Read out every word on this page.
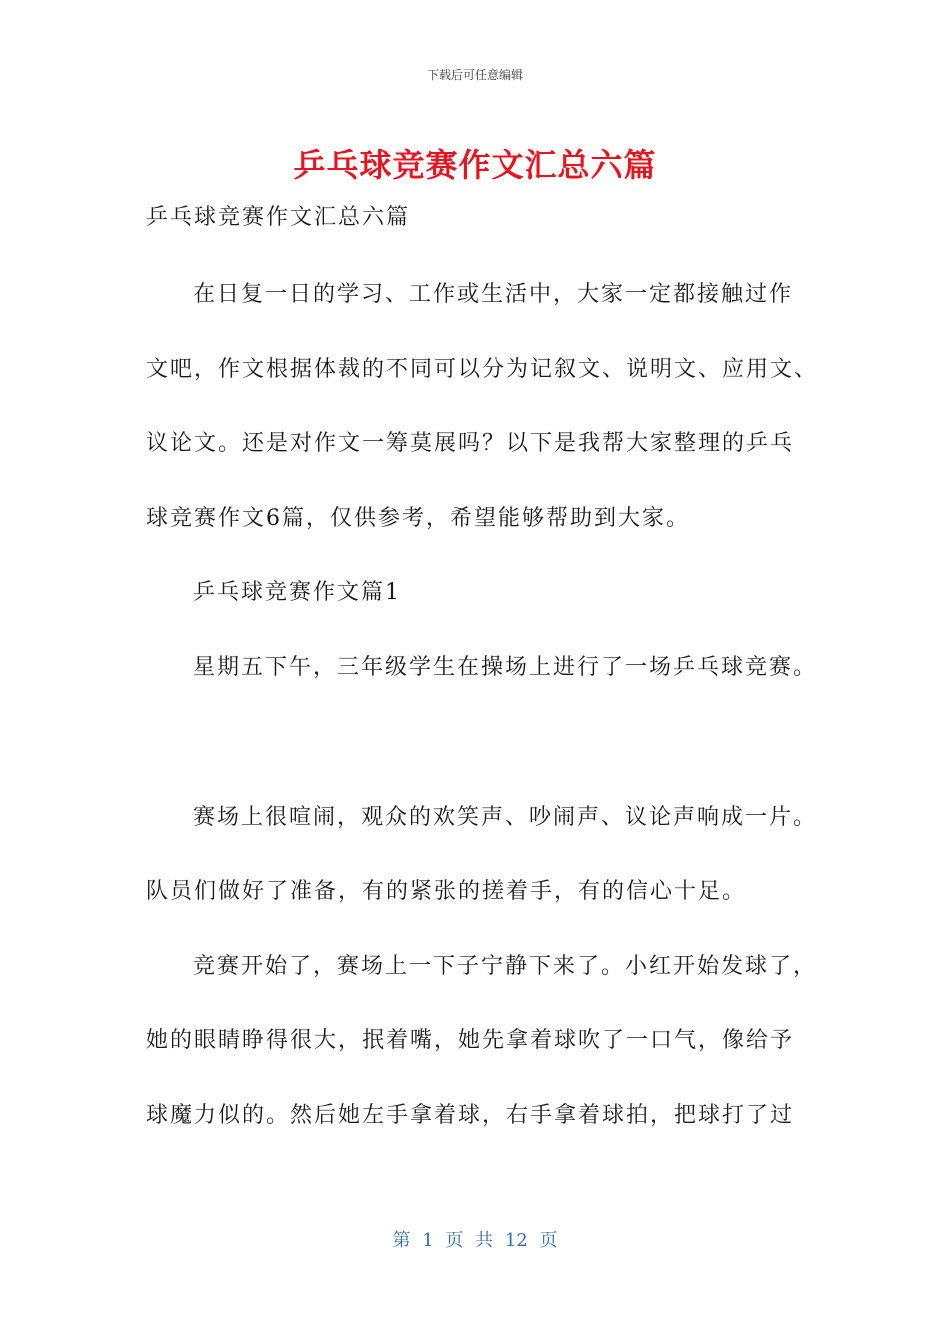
下载后可任意编辑
乒乓球竞赛作文汇总六篇
乒乓球竞赛作文汇总六篇
在日复一日的学习、工作或生活中，大家一定都接触过作
文吧，作文根据体裁的不同可以分为记叙文、说明文、应用文、
议论文。还是对作文一筹莫展吗？以下是我帮大家整理的乒乓
球竞赛作文6篇，仅供参考，希望能够帮助到大家。
乒乓球竞赛作文篇1
星期五下午，三年级学生在操场上进行了一场乒乓球竞赛。
赛场上很喧闹，观众的欢笑声、吵闹声、议论声响成一片。
队员们做好了准备，有的紧张的搓着手，有的信心十足。
竞赛开始了，赛场上一下子宁静下来了。小红开始发球了，
她的眼睛睁得很大，抿着嘴，她先拿着球吹了一口气，像给予
球魔力似的。然后她左手拿着球，右手拿着球拍，把球打了过
第 1 页 共 12 页
